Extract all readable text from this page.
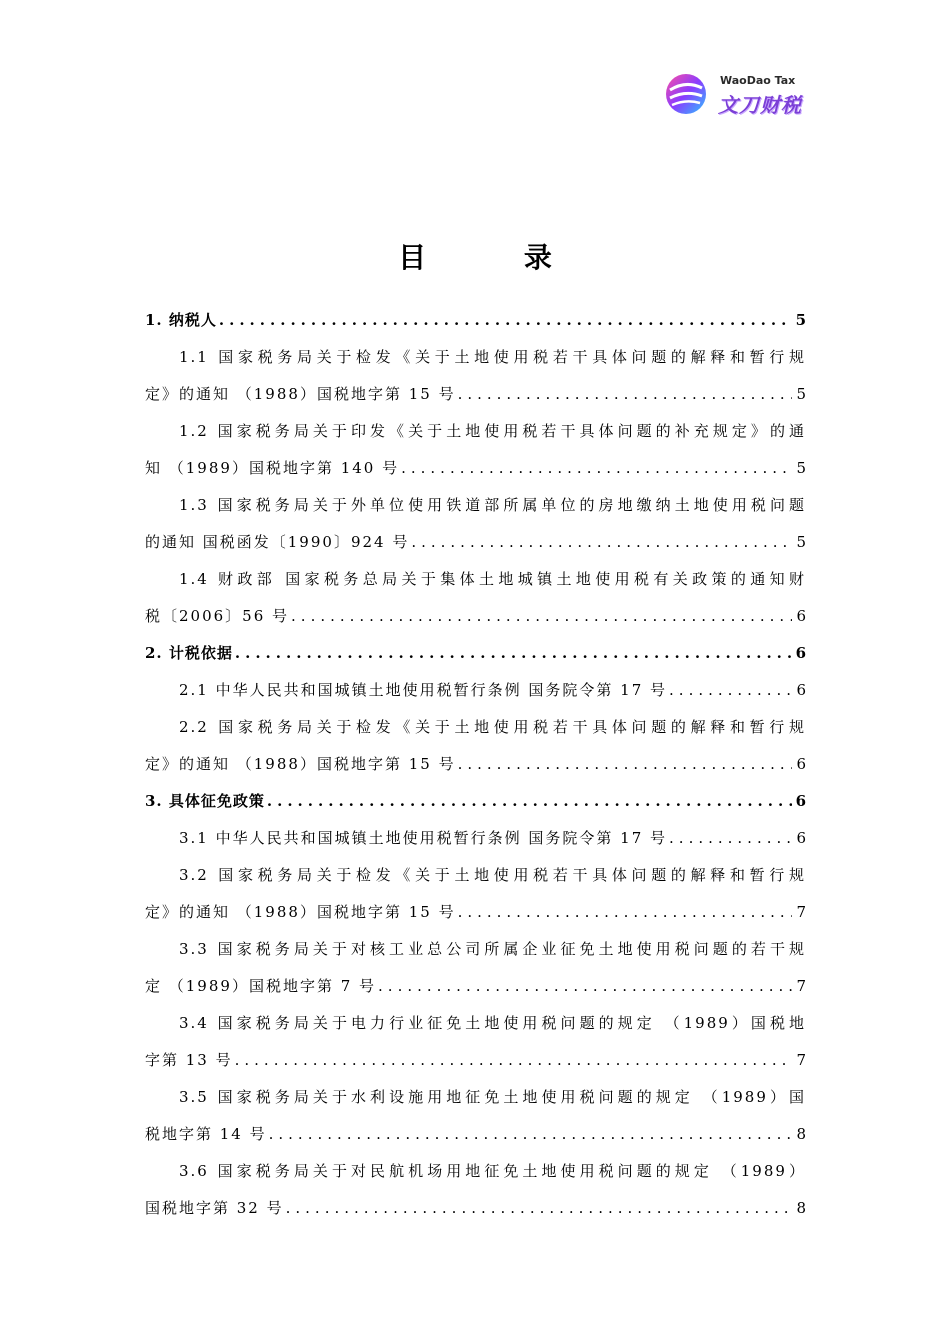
WaoDao Tax
文刀财税
目 录
1. 纳税人 .....	5
1.1 国家税务局关于检发《关于土地使用税若干具体问题的解释和暂行规
定》的通知 （1988）国税地字第 15 号 .....	5
1.2 国家税务局关于印发《关于土地使用税若干具体问题的补充规定》的通
知 （1989）国税地字第 140 号 .....	5
1.3 国家税务局关于外单位使用铁道部所属单位的房地缴纳土地使用税问题
的通知 国税函发〔1990〕924 号 .....	5
1.4 财政部 国家税务总局关于集体土地城镇土地使用税有关政策的通知财
税〔2006〕56 号 .....	6
2. 计税依据 .....	6
2.1 中华人民共和国城镇土地使用税暂行条例 国务院令第 17 号 .....	6
2.2 国家税务局关于检发《关于土地使用税若干具体问题的解释和暂行规
定》的通知 （1988）国税地字第 15 号 .....	6
3. 具体征免政策 .....	6
3.1 中华人民共和国城镇土地使用税暂行条例 国务院令第 17 号 .....	6
3.2 国家税务局关于检发《关于土地使用税若干具体问题的解释和暂行规
定》的通知 （1988）国税地字第 15 号 .....	7
3.3 国家税务局关于对核工业总公司所属企业征免土地使用税问题的若干规
定 （1989）国税地字第 7 号 .....	7
3.4 国家税务局关于电力行业征免土地使用税问题的规定 （1989）国税地
字第 13 号 .....	7
3.5 国家税务局关于水利设施用地征免土地使用税问题的规定 （1989）国
税地字第 14 号 .....	8
3.6 国家税务局关于对民航机场用地征免土地使用税问题的规定 （1989）
国税地字第 32 号 .....	8
